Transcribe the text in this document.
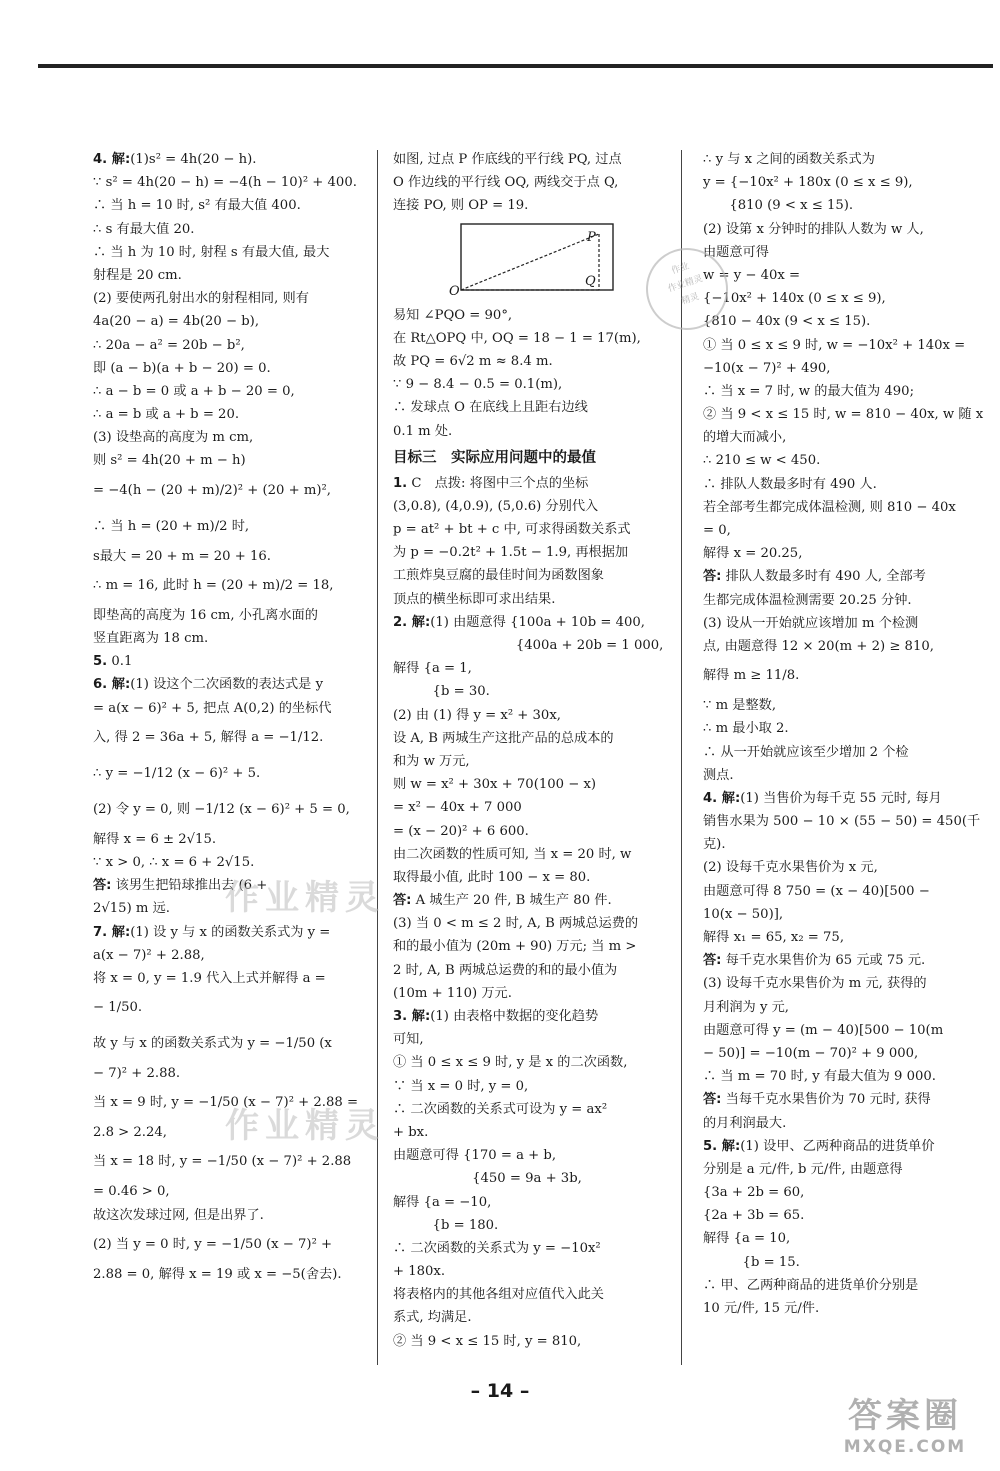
4. 解:(1)s² = 4h(20 − h).
∵ s² = 4h(20 − h) = −4(h − 10)² + 400.
∴ 当 h = 10 时, s² 有最大值 400.
∴ s 有最大值 20.
∴ 当 h 为 10 时, 射程 s 有最大值, 最大
射程是 20 cm.
(2) 要使两孔射出水的射程相同, 则有
4a(20 − a) = 4b(20 − b),
∴ 20a − a² = 20b − b²,
即 (a − b)(a + b − 20) = 0.
∴ a − b = 0 或 a + b − 20 = 0,
∴ a = b 或 a + b = 20.
(3) 设垫高的高度为 m cm,
则 s² = 4h(20 + m − h)
= −4(h − (20 + m)/2)² + (20 + m)²,
∴ 当 h = (20 + m)/2 时,
s最大 = 20 + m = 20 + 16.
∴ m = 16, 此时 h = (20 + m)/2 = 18,
即垫高的高度为 16 cm, 小孔离水面的
竖直距离为 18 cm.
5. 0.1
6. 解:(1) 设这个二次函数的表达式是 y
= a(x − 6)² + 5, 把点 A(0,2) 的坐标代
入, 得 2 = 36a + 5, 解得 a = −1/12.
∴ y = −1/12 (x − 6)² + 5.
(2) 令 y = 0, 则 −1/12 (x − 6)² + 5 = 0,
解得 x = 6 ± 2√15.
∵ x > 0, ∴ x = 6 + 2√15.
答: 该男生把铅球推出去 (6 +
2√15) m 远.
7. 解:(1) 设 y 与 x 的函数关系式为 y =
a(x − 7)² + 2.88,
将 x = 0, y = 1.9 代入上式并解得 a =
− 1/50.
故 y 与 x 的函数关系式为 y = −1/50 (x
− 7)² + 2.88.
当 x = 9 时, y = −1/50 (x − 7)² + 2.88 =
2.8 > 2.24,
当 x = 18 时, y = −1/50 (x − 7)² + 2.88
= 0.46 > 0,
故这次发球过网, 但是出界了.
(2) 当 y = 0 时, y = −1/50 (x − 7)² +
2.88 = 0, 解得 x = 19 或 x = −5(舍去).
如图, 过点 P 作底线的平行线 PQ, 过点
O 作边线的平行线 OQ, 两线交于点 Q,
连接 PO, 则 OP = 19.
P
Q
O
易知 ∠PQO = 90°,
在 Rt△OPQ 中, OQ = 18 − 1 = 17(m),
故 PQ = 6√2 m ≈ 8.4 m.
∵ 9 − 8.4 − 0.5 = 0.1(m),
∴ 发球点 O 在底线上且距右边线
0.1 m 处.
目标三　实际应用问题中的最值
1. C　点拨: 将图中三个点的坐标
(3,0.8), (4,0.9), (5,0.6) 分别代入
p = at² + bt + c 中, 可求得函数关系式
为 p = −0.2t² + 1.5t − 1.9, 再根据加
工煎炸臭豆腐的最佳时间为函数图象
顶点的横坐标即可求出结果.
2. 解:(1) 由题意得 {100a + 10b = 400,
　　　　　　　　　 {400a + 20b = 1 000,
解得 {a = 1,
　　　{b = 30.
(2) 由 (1) 得 y = x² + 30x,
设 A, B 两城生产这批产品的总成本的
和为 w 万元,
则 w = x² + 30x + 70(100 − x)
= x² − 40x + 7 000
= (x − 20)² + 6 600.
由二次函数的性质可知, 当 x = 20 时, w
取得最小值, 此时 100 − x = 80.
答: A 城生产 20 件, B 城生产 80 件.
(3) 当 0 < m ≤ 2 时, A, B 两城总运费的
和的最小值为 (20m + 90) 万元; 当 m >
2 时, A, B 两城总运费的和的最小值为
(10m + 110) 万元.
3. 解:(1) 由表格中数据的变化趋势
可知,
① 当 0 ≤ x ≤ 9 时, y 是 x 的二次函数,
∵ 当 x = 0 时, y = 0,
∴ 二次函数的关系式可设为 y = ax²
+ bx.
由题意可得 {170 = a + b,
　　　　　　{450 = 9a + 3b,
解得 {a = −10,
　　　{b = 180.
∴ 二次函数的关系式为 y = −10x²
+ 180x.
将表格内的其他各组对应值代入此关
系式, 均满足.
② 当 9 < x ≤ 15 时, y = 810,
∴ y 与 x 之间的函数关系式为
y = {−10x² + 180x (0 ≤ x ≤ 9),
　　{810 (9 < x ≤ 15).
(2) 设第 x 分钟时的排队人数为 w 人,
由题意可得
w = y − 40x =
{−10x² + 140x (0 ≤ x ≤ 9),
{810 − 40x (9 < x ≤ 15).
① 当 0 ≤ x ≤ 9 时, w = −10x² + 140x =
−10(x − 7)² + 490,
∴ 当 x = 7 时, w 的最大值为 490;
② 当 9 < x ≤ 15 时, w = 810 − 40x, w 随 x
的增大而减小,
∴ 210 ≤ w < 450.
∴ 排队人数最多时有 490 人.
若全部考生都完成体温检测, 则 810 − 40x
= 0,
解得 x = 20.25,
答: 排队人数最多时有 490 人, 全部考
生都完成体温检测需要 20.25 分钟.
(3) 设从一开始就应该增加 m 个检测
点, 由题意得 12 × 20(m + 2) ≥ 810,
解得 m ≥ 11/8.
∵ m 是整数,
∴ m 最小取 2.
∴ 从一开始就应该至少增加 2 个检
测点.
4. 解:(1) 当售价为每千克 55 元时, 每月
销售水果为 500 − 10 × (55 − 50) = 450(千
克).
(2) 设每千克水果售价为 x 元,
由题意可得 8 750 = (x − 40)[500 −
10(x − 50)],
解得 x₁ = 65, x₂ = 75,
答: 每千克水果售价为 65 元或 75 元.
(3) 设每千克水果售价为 m 元, 获得的
月利润为 y 元,
由题意可得 y = (m − 40)[500 − 10(m
− 50)] = −10(m − 70)² + 9 000,
∴ 当 m = 70 时, y 有最大值为 9 000.
答: 当每千克水果售价为 70 元时, 获得
的月利润最大.
5. 解:(1) 设甲、乙两种商品的进货单价
分别是 a 元/件, b 元/件, 由题意得
{3a + 2b = 60,
{2a + 3b = 65.
解得 {a = 10,
　　　{b = 15.
∴ 甲、乙两种商品的进货单价分别是
10 元/件, 15 元/件.
作业精灵
作业精灵
作业
作业精灵
精灵
– 14 –
答案圈
MXQE.COM
